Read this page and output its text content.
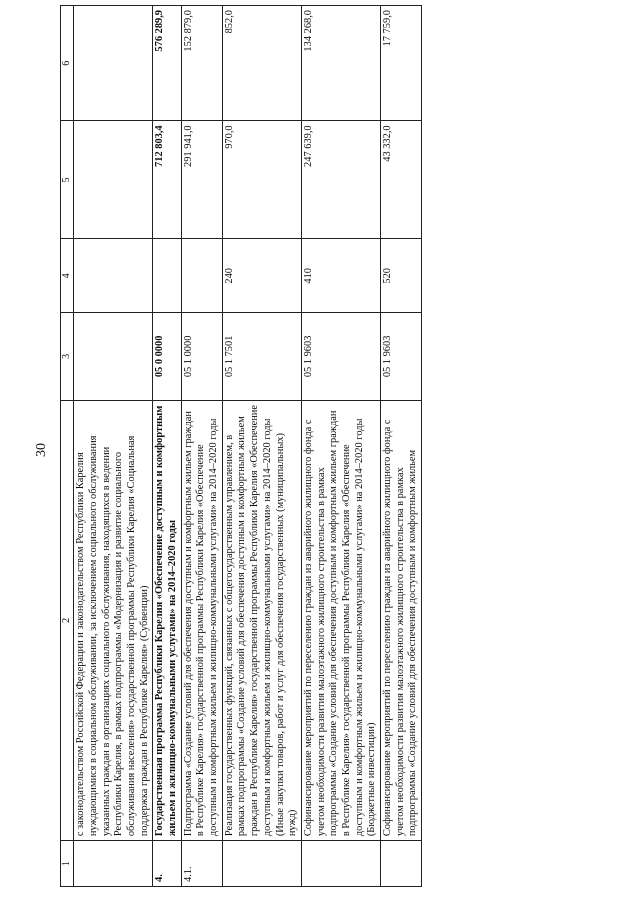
30
1	2	3	4	5	6
	с законодательством Российской Федерации и законодательством Республики Карелия нуждающимися в социальном обслуживании, за исключением социального обслуживания указанных граждан в организациях социального обслуживания, находящихся в ведении Республики Карелия, в рамках подпрограммы «Модернизация и развитие социального обслуживания населения» государственной программы Республики Карелия «Социальная поддержка граждан в Республике Карелия» (Субвенции)				
4.	Государственная программа Республики Карелия «Обеспечение доступным и комфортным жильем и жилищно-коммунальными услугами» на 2014–2020 годы	05 0 0000		712 803,4	576 289,9
4.1.	Подпрограмма «Создание условий для обеспечения доступным и комфортным жильем граждан в Республике Карелия» государственной программы Республики Карелия «Обеспечение доступным и комфортным жильем и жилищно-коммунальными услугами» на 2014–2020 годы	05 1 0000		291 941,0	152 879,0
	Реализация государственных функций, связанных с общегосударственным управлением, в рамках подпрограммы «Создание условий для обеспечения доступным и комфортным жильем граждан в Республике Карелия» государственной программы Республики Карелия «Обеспечение доступным и комфортным жильем и жилищно-коммунальными услугами» на 2014–2020 годы (Иные закупки товаров, работ и услуг для обеспечения государственных (муниципальных) нужд)	05 1 7501	240	970,0	852,0
	Софинансирование мероприятий по переселению граждан из аварийного жилищного фонда с учетом необходимости развития малоэтажного жилищного строительства в рамках подпрограммы «Создание условий для обеспечения доступным и комфортным жильем граждан в Республике Карелия» государственной программы Республики Карелия «Обеспечение доступным и комфортным жильем и жилищно-коммунальными услугами» на 2014–2020 годы (Бюджетные инвестиции)	05 1 9603	410	247 639,0	134 268,0
	Софинансирование мероприятий по переселению граждан из аварийного жилищного фонда с учетом необходимости развития малоэтажного жилищного строительства в рамках подпрограммы «Создание условий для обеспечения доступным и комфортным жильем	05 1 9603	520	43 332,0	17 759,0
